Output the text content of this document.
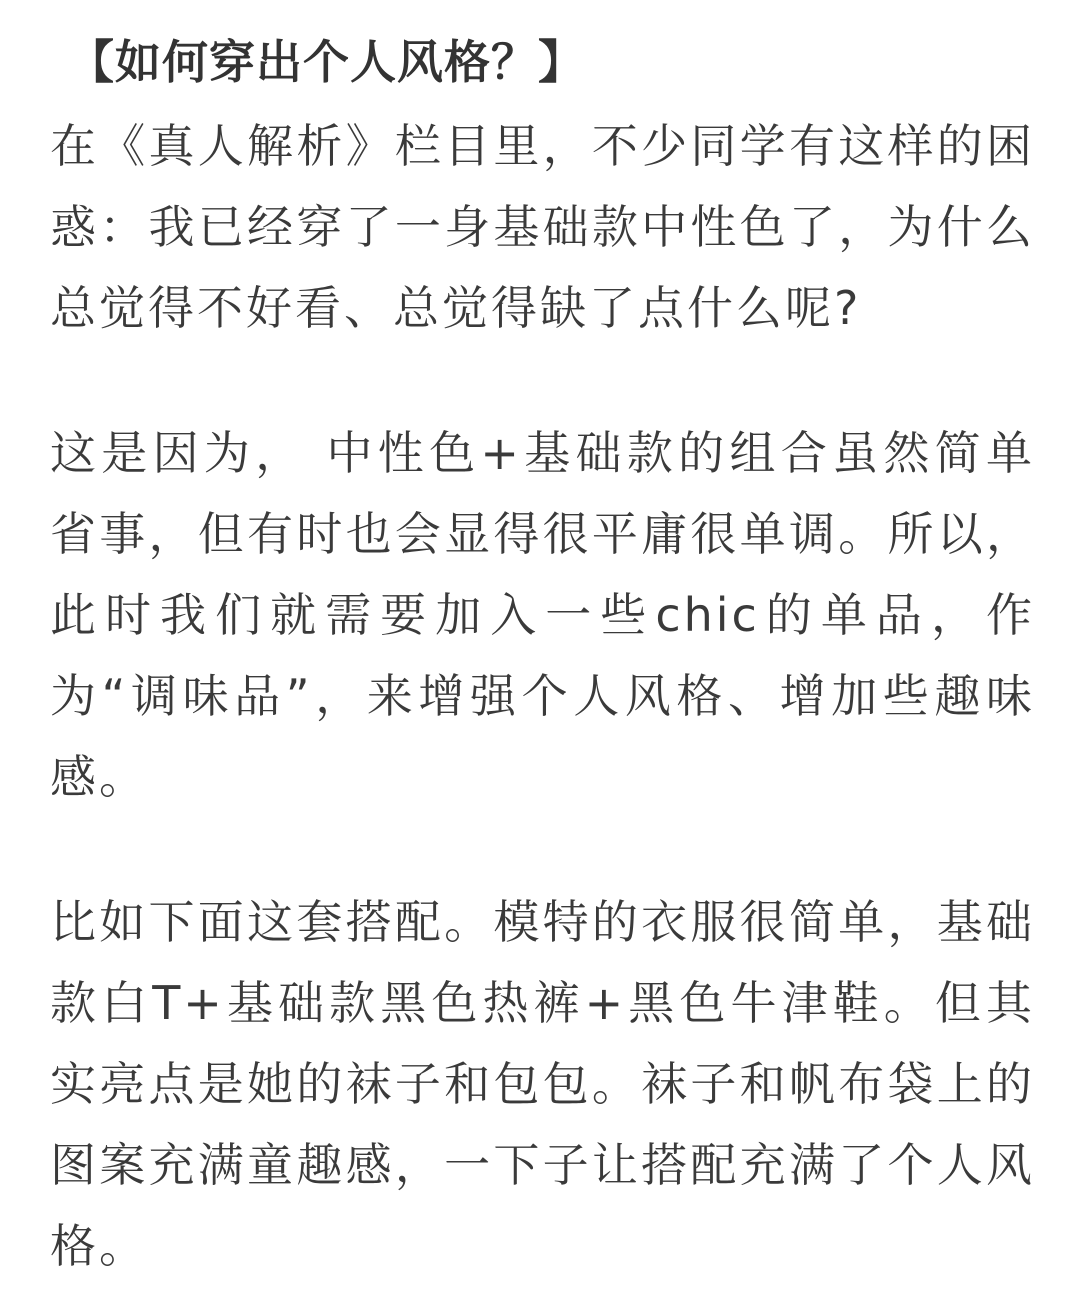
【如何穿出个人风格？】

在《真人解析》栏目里，不少同学有这样的困惑：我已经穿了一身基础款中性色了，为什么总觉得不好看、总觉得缺了点什么呢?

这是因为， 中性色+基础款的组合虽然简单省事，但有时也会显得很平庸很单调。所以，此时我们就需要加入一些chic的单品，作为“调味品”，来增强个人风格、增加些趣味感。

比如下面这套搭配。模特的衣服很简单，基础款白T+基础款黑色热裤+黑色牛津鞋。但其实亮点是她的袜子和包包。袜子和帆布袋上的图案充满童趣感，一下子让搭配充满了个人风格。
